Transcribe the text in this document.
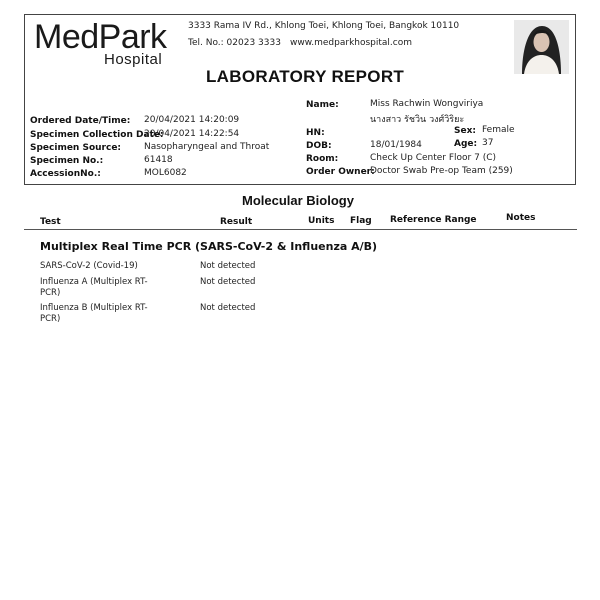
MedPark
Hospital
3333 Rama IV Rd., Khlong Toei, Khlong Toei, Bangkok 10110
Tel. No.: 02023 3333 www.medparkhospital.com
LABORATORY REPORT
Ordered Date/Time: 20/04/2021 14:20:09
Specimen Collection Date:
20/04/2021 14:22:54
Specimen Source:	Nasopharyngeal and Throat
Specimen No.:	61418
AccessionNo.:	MOL6082
Name:	Miss Rachwin Wongviriya
นางสาว รัชวิน วงศ์วิริยะ
HN:	Sex: Female
DOB:	18/01/1984	Age: 37
Room:	Check Up Center Floor 7 (C)
Order Owner:
Doctor Swab Pre-op Team (259)
Molecular Biology
Test	Result	Units Flag Reference Range	Notes
Multiplex Real Time PCR (SARS-CoV-2 & Influenza A/B)
SARS-CoV-2 (Covid-19)	Not detected
Influenza A (Multiplex RT-PCR)
Not detected
Influenza B (Multiplex RT-PCR)
Not detected
